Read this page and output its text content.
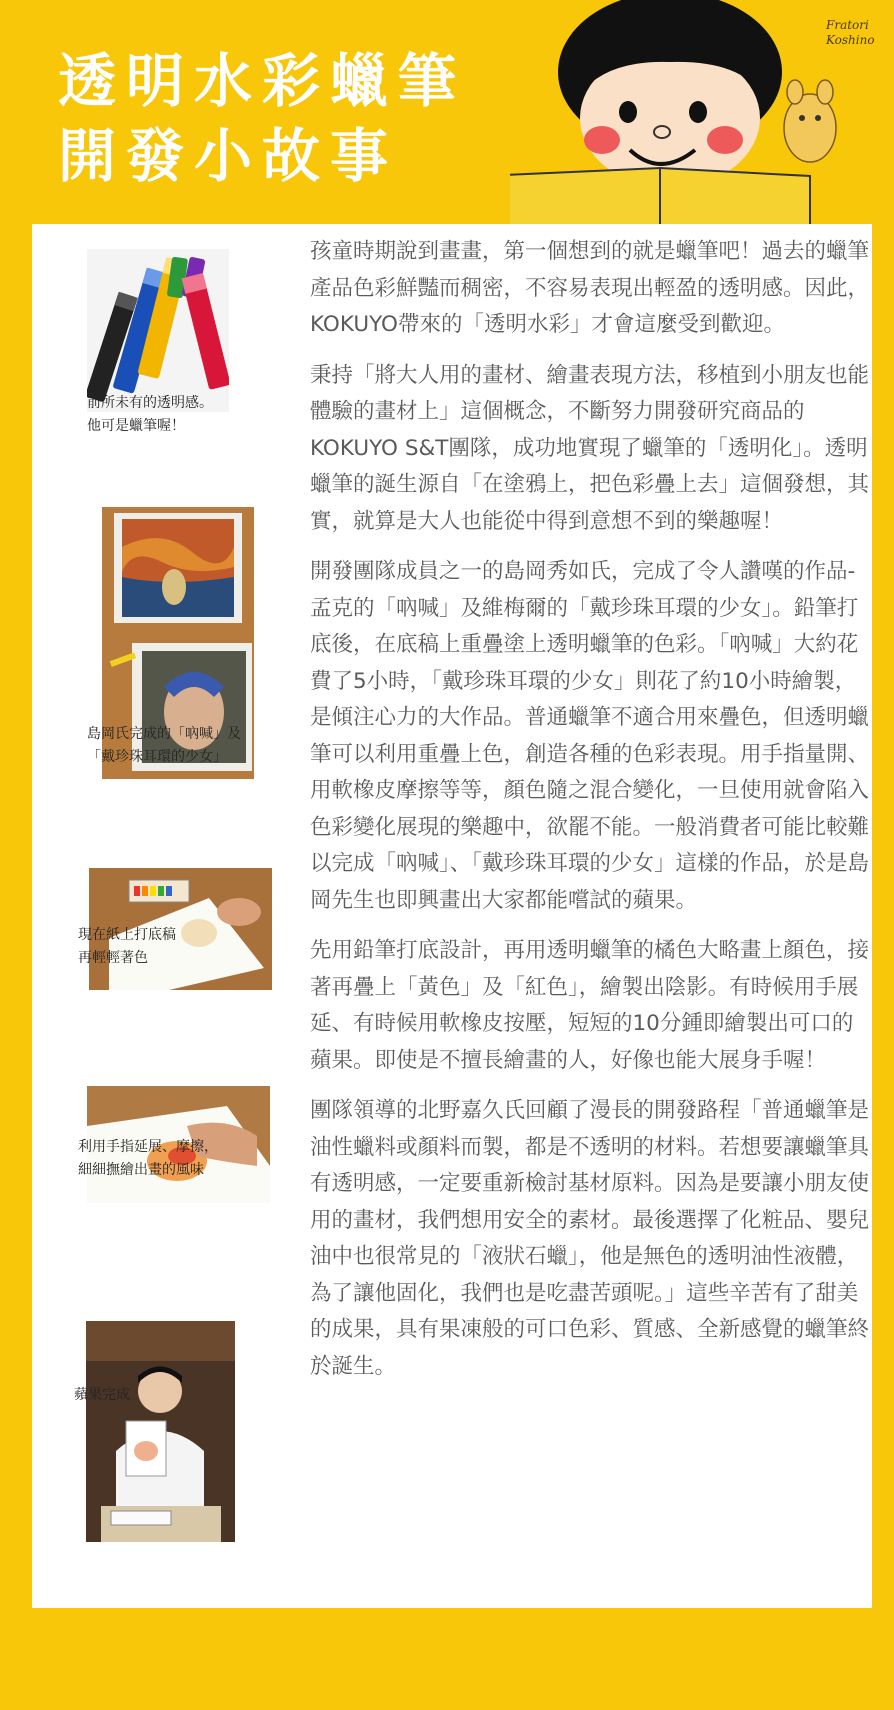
透明水彩蠟筆
開發小故事
Fratori Koshino
前所未有的透明感。
他可是蠟筆喔！
島岡氏完成的「吶喊」及
「戴珍珠耳環的少女」
現在紙上打底稿
再輕輕著色
利用手指延展、摩擦，
細細撫繪出畫的風味
蘋果完成

孩童時期說到畫畫，第一個想到的就是蠟筆吧！過去的蠟筆產品色彩鮮豔而稠密，不容易表現出輕盈的透明感。因此，KOKUYO帶來的「透明水彩」才會這麼受到歡迎。

秉持「將大人用的畫材、繪畫表現方法，移植到小朋友也能體驗的畫材上」這個概念，不斷努力開發研究商品的KOKUYO S&T團隊，成功地實現了蠟筆的「透明化」。透明蠟筆的誕生源自「在塗鴉上，把色彩疊上去」這個發想，其實，就算是大人也能從中得到意想不到的樂趣喔！

開發團隊成員之一的島岡秀如氏，完成了令人讚嘆的作品-孟克的「吶喊」及維梅爾的「戴珍珠耳環的少女」。鉛筆打底後，在底稿上重疊塗上透明蠟筆的色彩。「吶喊」大約花費了5小時，「戴珍珠耳環的少女」則花了約10小時繪製，是傾注心力的大作品。普通蠟筆不適合用來疊色，但透明蠟筆可以利用重疊上色，創造各種的色彩表現。用手指量開、用軟橡皮摩擦等等，顏色隨之混合變化，一旦使用就會陷入色彩變化展現的樂趣中，欲罷不能。一般消費者可能比較難以完成「吶喊」、「戴珍珠耳環的少女」這樣的作品，於是島岡先生也即興畫出大家都能嚐試的蘋果。

先用鉛筆打底設計，再用透明蠟筆的橘色大略畫上顏色，接著再疊上「黃色」及「紅色」，繪製出陰影。有時候用手展延、有時候用軟橡皮按壓，短短的10分鍾即繪製出可口的蘋果。即使是不擅長繪畫的人，好像也能大展身手喔！

團隊領導的北野嘉久氏回顧了漫長的開發路程「普通蠟筆是油性蠟料或顏料而製，都是不透明的材料。若想要讓蠟筆具有透明感，一定要重新檢討基材原料。因為是要讓小朋友使用的畫材，我們想用安全的素材。最後選擇了化粧品、嬰兒油中也很常見的「液狀石蠟」，他是無色的透明油性液體，為了讓他固化，我們也是吃盡苦頭呢。」這些辛苦有了甜美的成果，具有果凍般的可口色彩、質感、全新感覺的蠟筆終於誕生。
